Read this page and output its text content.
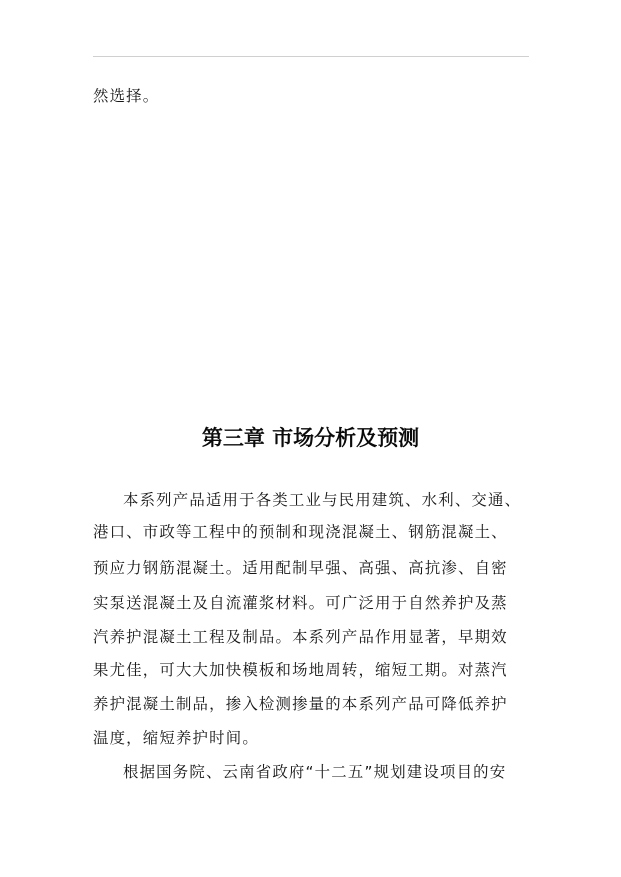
然选择。
第三章 市场分析及预测
本系列产品适用于各类工业与民用建筑、水利、交通、
港口、市政等工程中的预制和现浇混凝土、钢筋混凝土、
预应力钢筋混凝土。适用配制早强、高强、高抗渗、自密
实泵送混凝土及自流灌浆材料。可广泛用于自然养护及蒸
汽养护混凝土工程及制品。本系列产品作用显著，早期效
果尤佳，可大大加快模板和场地周转，缩短工期。对蒸汽
养护混凝土制品，掺入检测掺量的本系列产品可降低养护
温度，缩短养护时间。
根据国务院、云南省政府“十二五”规划建设项目的安
